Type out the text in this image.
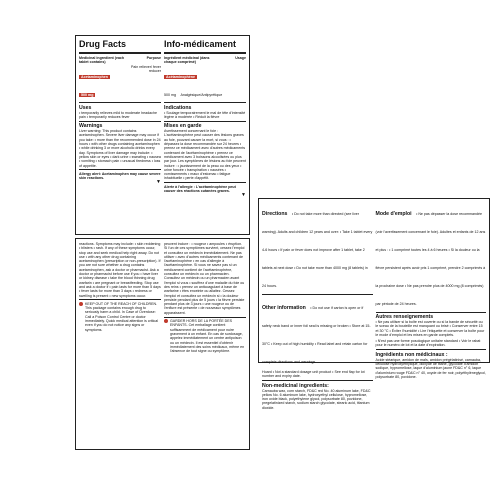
Drug Facts
Medicinal ingredient (each tablet contains)
Purpose
Acetaminophen
500 mg
Pain reliever/ fever reducer
Uses
• temporarily relieves mild to moderate headache pain • temporarily reduces fever
Warnings
Liver warning: This product contains acetaminophen. Severe liver damage may occur if you take: • more than the recommended dose in 24 hours • with other drugs containing acetaminophen • while drinking 3 or more alcoholic drinks every day. Symptoms of liver damage may include: • yellow skin or eyes • dark urine • sweating • nausea • vomiting • stomach pain • unusual tiredness • loss of appetite.
Allergy alert: Acetaminophen may cause severe skin reactions.
▼
Info-médicament
Ingrédient médicinal (dans chaque comprimé)
Usage
Acétaminophène
500 mg Analgésique/Antipyrétique
Indications
• Soulage temporairement le mal de tête d'intensité légère à modérée • Réduit la fièvre
Mises en garde
Avertissement concernant le foie : L'acétaminophène peut causer des lésions graves au foie, pouvant causer la mort, si vous : • dépassez la dose recommandée sur 24 heures • prenez ce médicament avec d'autres médicaments contenant de l'acétaminophène • prenez ce médicament avec 3 boissons alcoolisées ou plus par jour. Les symptômes de lésions au foie peuvent inclure : • jaunissement de la peau ou des yeux • urine foncée • transpiration • nausées • vomissements • maux d'estomac • fatigue inhabituelle • perte d'appétit.
Alerte à l'allergie : L'acétaminophène peut causer des réactions cutanées graves.
▼
reactions. Symptoms may include: • skin reddening • blisters • rash. If any of these symptoms occur, stop use and seek medical help right away. Do not use • with any other drug containing acetaminophen (prescription or non-prescription). If you are not sure whether a drug contains acetaminophen, ask a doctor or pharmacist. Ask a doctor or pharmacist before use if you • have liver or kidney disease • take the blood thinning drug warfarin • are pregnant or breastfeeding. Stop use and ask a doctor if • pain lasts for more than 5 days • fever lasts for more than 3 days • redness or swelling is present • new symptoms occur.
KEEP OUT OF THE REACH OF CHILDREN. This package contains enough drug to seriously harm a child. In Case of Overdose: Call a Poison Control Centre or doctor immediately. Quick medical attention is critical even if you do not notice any signs or symptoms.
peuvent inclure : • rougeur • ampoules • éruption. Si l'un de ces symptômes survient, cessez l'emploi et consultez un médecin immédiatement. Ne pas utiliser • avec d'autres médicaments contenant de l'acétaminophène • en cas d'allergie à l'acétaminophène. Si vous ne savez pas si un médicament contient de l'acétaminophène, consultez un médecin ou un pharmacien. Consultez un médecin ou un pharmacien avant l'emploi si vous • souffrez d'une maladie du foie ou des reins • prenez un anticoagulant à base de warfarine • êtes enceinte ou allaitez. Cessez l'emploi et consultez un médecin si • la douleur persiste pendant plus de 5 jours • la fièvre persiste pendant plus de 3 jours • une rougeur ou de l'enflure est présente • de nouveaux symptômes apparaissent.
GARDER HORS DE LA PORTÉE DES ENFANTS. Cet emballage contient suffisamment de médicament pour nuire gravement à un enfant. En cas de surdosage, appelez immédiatement un centre antipoison ou un médecin. Il est essentiel d'obtenir immédiatement des soins médicaux, même en l'absence de tout signe ou symptôme.
Directions • Do not take more than directed (see liver warning). Adults and children 12 years and over: • Take 1 tablet every 4-6 hours • If pain or fever does not improve after 1 tablet, take 2 tablets at next dose • Do not take more than 4000 mg (8 tablets) in 24 hours.
Other information • Do not use if carton is open or if safety neck band or inner foil seal is missing or broken • Store at 15-30°C • Keep out of high humidity • Read label and retain carton for complete directions and warnings.
Hoard • Not a standard dosage unit product • See end flap for lot number and expiry date.
Non-medicinal ingredients:
Carnauba wax, corn starch, FD&C red No. 40 aluminum lake, FD&C yellow No. 6 aluminum lake, hydroxyethyl cellulose, hypromellose, iron oxide black, polyethylene glycol, polysorbate 80, povidone, pregelatinized starch, sodium starch glycolate, stearic acid, titanium dioxide.
Mode d'emploi • Ne pas dépasser la dose recommandée (voir l'avertissement concernant le foie). Adultes et enfants de 12 ans et plus : • 1 comprimé toutes les 4 à 6 heures • Si la douleur ou la fièvre persistent après avoir pris 1 comprimé, prendre 2 comprimés à la prochaine dose • Ne pas prendre plus de 4000 mg (8 comprimés) par période de 24 heures.
Autres renseignements
• Ne pas utiliser si la boîte est ouverte ou si la bande de sécurité ou le sceau de la bouteille est manquant ou brisé • Conserver entre 15 et 30 °C • Éviter l'humidité • Lire l'étiquette et conserver la boîte pour le mode d'emploi et les mises en garde complets.
• N'est pas une forme posologique unitaire standard • Voir le rabat pour le numéro de lot et la date d'expiration.
Ingrédients non médicinaux :
Acide stéarique, amidon de maïs, amidon prégélatinisé, carnauba, cellulose hydroxyéthylique, dioxyde de titane, glycolate d'amidon sodique, hypromellose, laque d'aluminium jaune FD&C n° 6, laque d'aluminium rouge FD&C n° 40, oxyde de fer noir, polyéthylèneglycol, polysorbate 80, povidone.
